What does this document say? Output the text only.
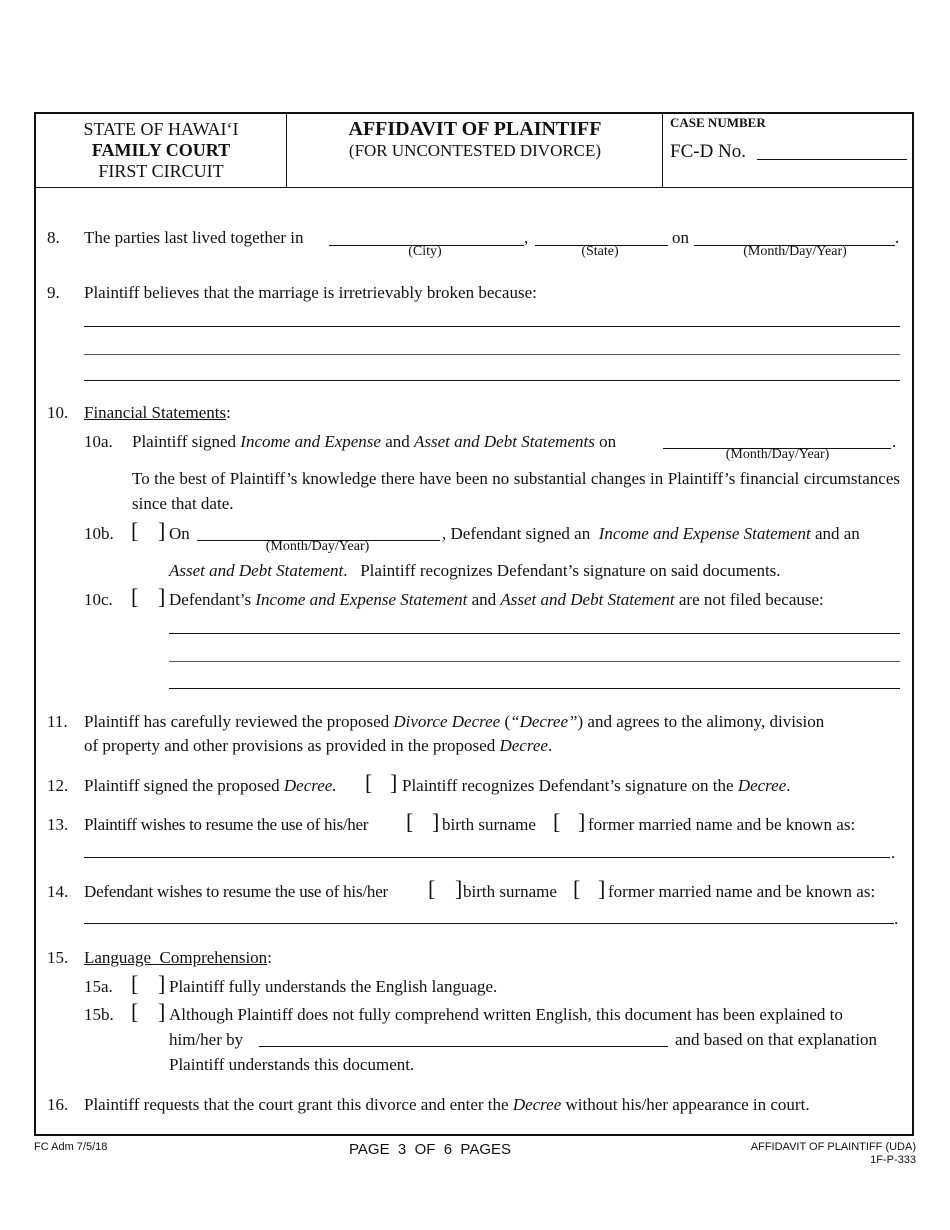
STATE OF HAWAI‘I
FAMILY COURT
FIRST CIRCUIT
AFFIDAVIT OF PLAINTIFF
(FOR UNCONTESTED DIVORCE)
CASE NUMBER
FC-D No.
8. The parties last lived together in	,	on	.
(City)	(State)	(Month/Day/Year)
9. Plaintiff believes that the marriage is irretrievably broken because:
10. Financial Statements:
10a. Plaintiff signed Income and Expense and Asset and Debt Statements on	.
(Month/Day/Year)
To the best of Plaintiff’s knowledge there have been no substantial changes in Plaintiff’s financial circumstances since that date.
10b. [ ] On
(Month/Day/Year)
, Defendant signed an Income and Expense Statement and an
Asset and Debt Statement.   Plaintiff recognizes Defendant’s signature on said documents.
10c. [ ] Defendant’s Income and Expense Statement and Asset and Debt Statement are not filed because:
11. Plaintiff has carefully reviewed the proposed Divorce Decree (“Decree”) and agrees to the alimony, division
of property and other provisions as provided in the proposed Decree.
12. Plaintiff signed the proposed Decree. [ ] Plaintiff recognizes Defendant’s signature on the Decree.
13. Plaintiff wishes to resume the use of his/her [ ] birth surname [ ] former married name and be known as:
.
14. Defendant wishes to resume the use of his/her [ ] birth surname [ ] former married name and be known as:
.
15. Language  Comprehension:
15a. [ ] Plaintiff fully understands the English language.
15b. [ ] Although Plaintiff does not fully comprehend written English, this document has been explained to
him/her by	and based on that explanation
Plaintiff understands this document.
16. Plaintiff requests that the court grant this divorce and enter the Decree without his/her appearance in court.
FC Adm 7/5/18	PAGE  3  OF  6  PAGES	AFFIDAVIT OF PLAINTIFF (UDA)
1F-P-333
